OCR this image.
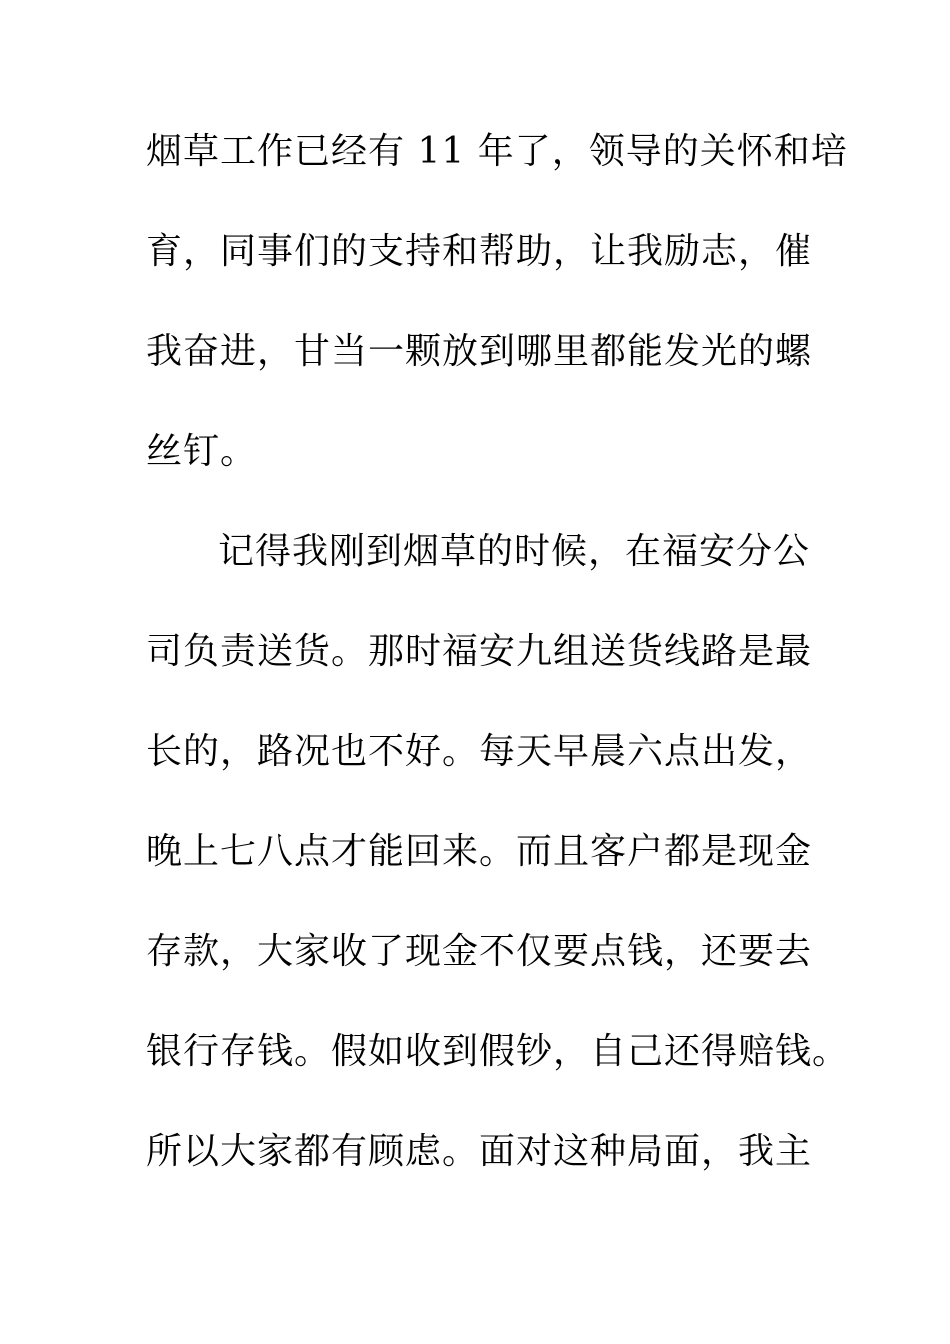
烟草工作已经有 11 年了，领导的关怀和培
育，同事们的支持和帮助，让我励志，催
我奋进，甘当一颗放到哪里都能发光的螺
丝钉。
记得我刚到烟草的时候，在福安分公
司负责送货。那时福安九组送货线路是最
长的，路况也不好。每天早晨六点出发，
晚上七八点才能回来。而且客户都是现金
存款，大家收了现金不仅要点钱，还要去
银行存钱。假如收到假钞，自己还得赔钱。
所以大家都有顾虑。面对这种局面，我主
